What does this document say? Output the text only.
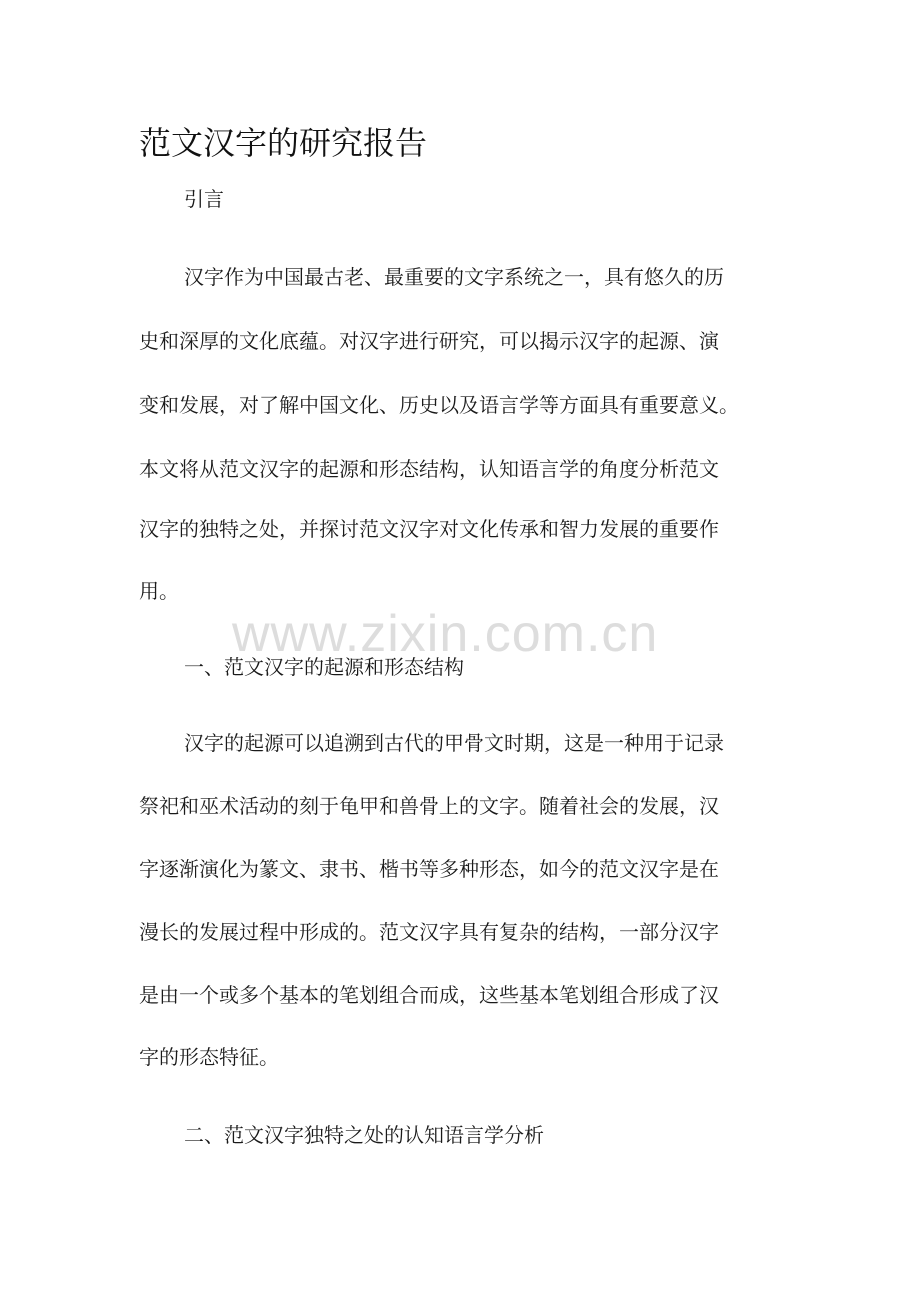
www.zixin.com.cn
范文汉字的研究报告
引言
汉字作为中国最古老、最重要的文字系统之一，具有悠久的历
史和深厚的文化底蕴。对汉字进行研究，可以揭示汉字的起源、演
变和发展，对了解中国文化、历史以及语言学等方面具有重要意义。
本文将从范文汉字的起源和形态结构，认知语言学的角度分析范文
汉字的独特之处，并探讨范文汉字对文化传承和智力发展的重要作
用。
一、范文汉字的起源和形态结构
汉字的起源可以追溯到古代的甲骨文时期，这是一种用于记录
祭祀和巫术活动的刻于龟甲和兽骨上的文字。随着社会的发展，汉
字逐渐演化为篆文、隶书、楷书等多种形态，如今的范文汉字是在
漫长的发展过程中形成的。范文汉字具有复杂的结构，一部分汉字
是由一个或多个基本的笔划组合而成，这些基本笔划组合形成了汉
字的形态特征。
二、范文汉字独特之处的认知语言学分析
